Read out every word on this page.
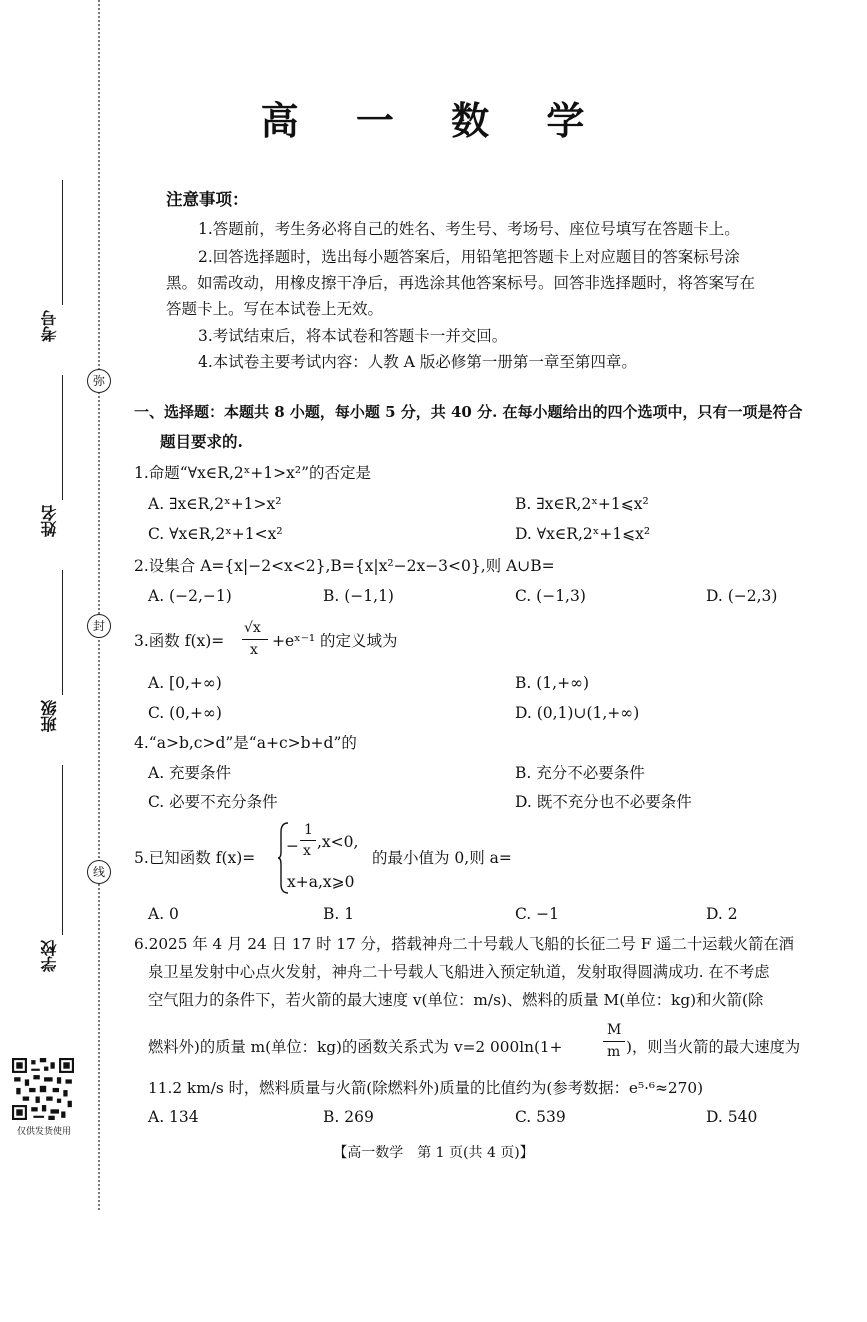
弥
封
线
考号
姓名
班级
学校
仅供发货使用
高 一 数 学
注意事项：
1.答题前，考生务必将自己的姓名、考生号、考场号、座位号填写在答题卡上。
2.回答选择题时，选出每小题答案后，用铅笔把答题卡上对应题目的答案标号涂
黑。如需改动，用橡皮擦干净后，再选涂其他答案标号。回答非选择题时，将答案写在
答题卡上。写在本试卷上无效。
3.考试结束后，将本试卷和答题卡一并交回。
4.本试卷主要考试内容：人教 A 版必修第一册第一章至第四章。
一、选择题：本题共 8 小题，每小题 5 分，共 40 分. 在每小题给出的四个选项中，只有一项是符合
题目要求的.
1.命题“∀x∈R,2ˣ+1>x²”的否定是
A. ∃x∈R,2ˣ+1>x²	B. ∃x∈R,2ˣ+1⩽x²
C. ∀x∈R,2ˣ+1<x²	D. ∀x∈R,2ˣ+1⩽x²
2.设集合 A={x|−2<x<2},B={x|x²−2x−3<0},则 A∪B=
A. (−2,−1)	B. (−1,1)	C. (−1,3)	D. (−2,3)
3.函数 f(x)=
√x
x +eˣ⁻¹ 的定义域为
A. [0,+∞)	B. (1,+∞)
C. (0,+∞)	D. (0,1)∪(1,+∞)
4.“a>b,c>d”是“a+c>b+d”的
A. 充要条件	B. 充分不必要条件
C. 必要不充分条件	D. 既不充分也不必要条件
5.已知函数 f(x)=
−
1
x ,x<0,
x+a,x⩾0
的最小值为 0,则 a=
A. 0	B. 1	C. −1	D. 2
6.2025 年 4 月 24 日 17 时 17 分，搭载神舟二十号载人飞船的长征二号 F 遥二十运载火箭在酒
泉卫星发射中心点火发射，神舟二十号载人飞船进入预定轨道，发射取得圆满成功. 在不考虑
空气阻力的条件下，若火箭的最大速度 v(单位：m/s)、燃料的质量 M(单位：kg)和火箭(除
燃料外)的质量 m(单位：kg)的函数关系式为 v=2 000ln(1+
M
m )，则当火箭的最大速度为
11.2 km/s 时，燃料质量与火箭(除燃料外)质量的比值约为(参考数据：e⁵·⁶≈270)
A. 134	B. 269	C. 539	D. 540
【高一数学　第 1 页(共 4 页)】
